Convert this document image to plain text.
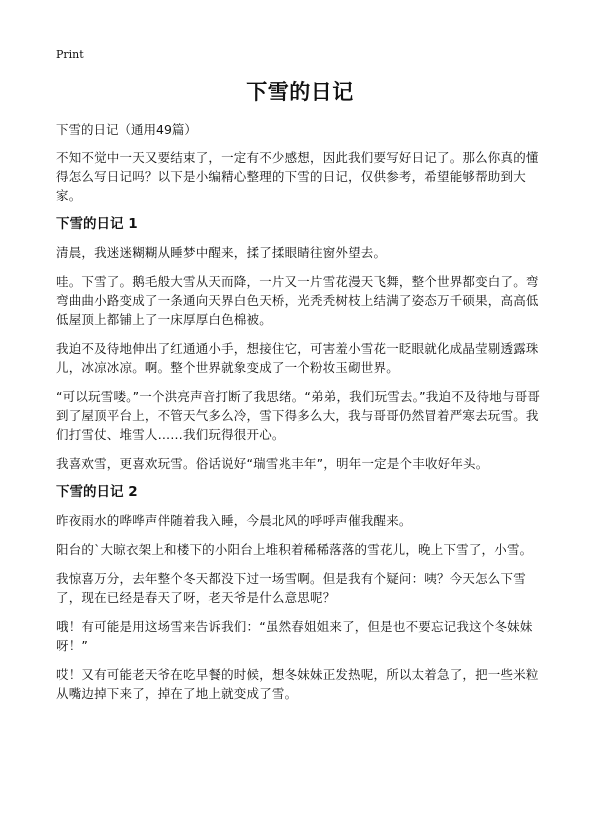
Print
下雪的日记
下雪的日记（通用49篇）

不知不觉中一天又要结束了，一定有不少感想，因此我们要写好日记了。那么你真的懂得怎么写日记吗？以下是小编精心整理的下雪的日记，仅供参考，希望能够帮助到大家。

下雪的日记 1

清晨，我迷迷糊糊从睡梦中醒来，揉了揉眼睛往窗外望去。

哇。下雪了。鹅毛般大雪从天而降，一片又一片雪花漫天飞舞，整个世界都变白了。弯弯曲曲小路变成了一条通向天界白色天桥，光秃秃树枝上结满了姿态万千硕果，高高低低屋顶上都铺上了一床厚厚白色棉被。

我迫不及待地伸出了红通通小手，想接住它，可害羞小雪花一眨眼就化成晶莹剔透露珠儿，冰凉冰凉。啊。整个世界就象变成了一个粉妆玉砌世界。

“可以玩雪喽。”一个洪亮声音打断了我思绪。“弟弟，我们玩雪去。”我迫不及待地与哥哥到了屋顶平台上，不管天气多么冷，雪下得多么大，我与哥哥仍然冒着严寒去玩雪。我们打雪仗、堆雪人……我们玩得很开心。

我喜欢雪，更喜欢玩雪。俗话说好“瑞雪兆丰年”，明年一定是个丰收好年头。

下雪的日记 2

昨夜雨水的哗哗声伴随着我入睡，今晨北风的呼呼声催我醒来。

阳台的`大晾衣架上和楼下的小阳台上堆积着稀稀落落的雪花儿，晚上下雪了，小雪。

我惊喜万分，去年整个冬天都没下过一场雪啊。但是我有个疑问：咦？今天怎么下雪了，现在已经是春天了呀，老天爷是什么意思呢？

哦！有可能是用这场雪来告诉我们：“虽然春姐姐来了，但是也不要忘记我这个冬妹妹呀！”

哎！又有可能老天爷在吃早餐的时候，想冬妹妹正发热呢，所以太着急了，把一些米粒从嘴边掉下来了，掉在了地上就变成了雪。
